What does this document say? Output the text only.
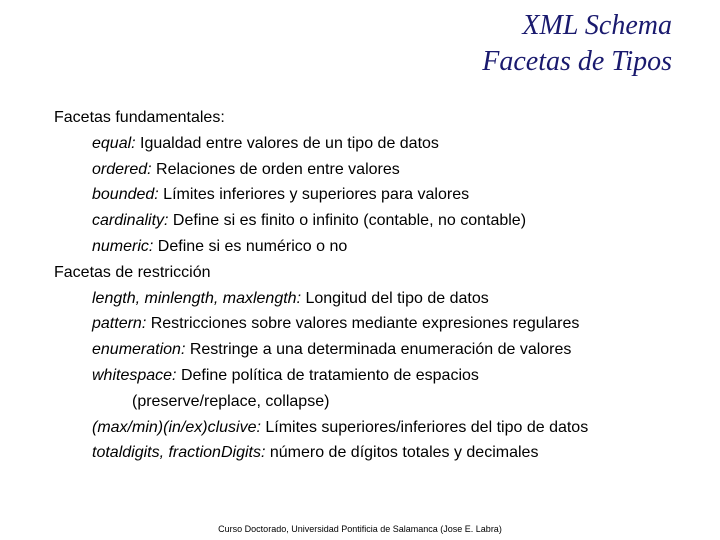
XML Schema
Facetas de Tipos
Facetas fundamentales:
equal: Igualdad entre valores de un tipo de datos
ordered: Relaciones de orden entre valores
bounded: Límites inferiores y superiores para valores
cardinality: Define si es finito o infinito (contable, no contable)
numeric: Define si es numérico o no
Facetas de restricción
length, minlength, maxlength: Longitud del tipo de datos
pattern: Restricciones sobre valores mediante expresiones regulares
enumeration: Restringe a una determinada enumeración de valores
whitespace: Define política de tratamiento de espacios
(preserve/replace, collapse)
(max/min)(in/ex)clusive: Límites superiores/inferiores del tipo de datos
totaldigits, fractionDigits: número de dígitos totales y decimales
Curso Doctorado, Universidad Pontificia de Salamanca (Jose E. Labra)
